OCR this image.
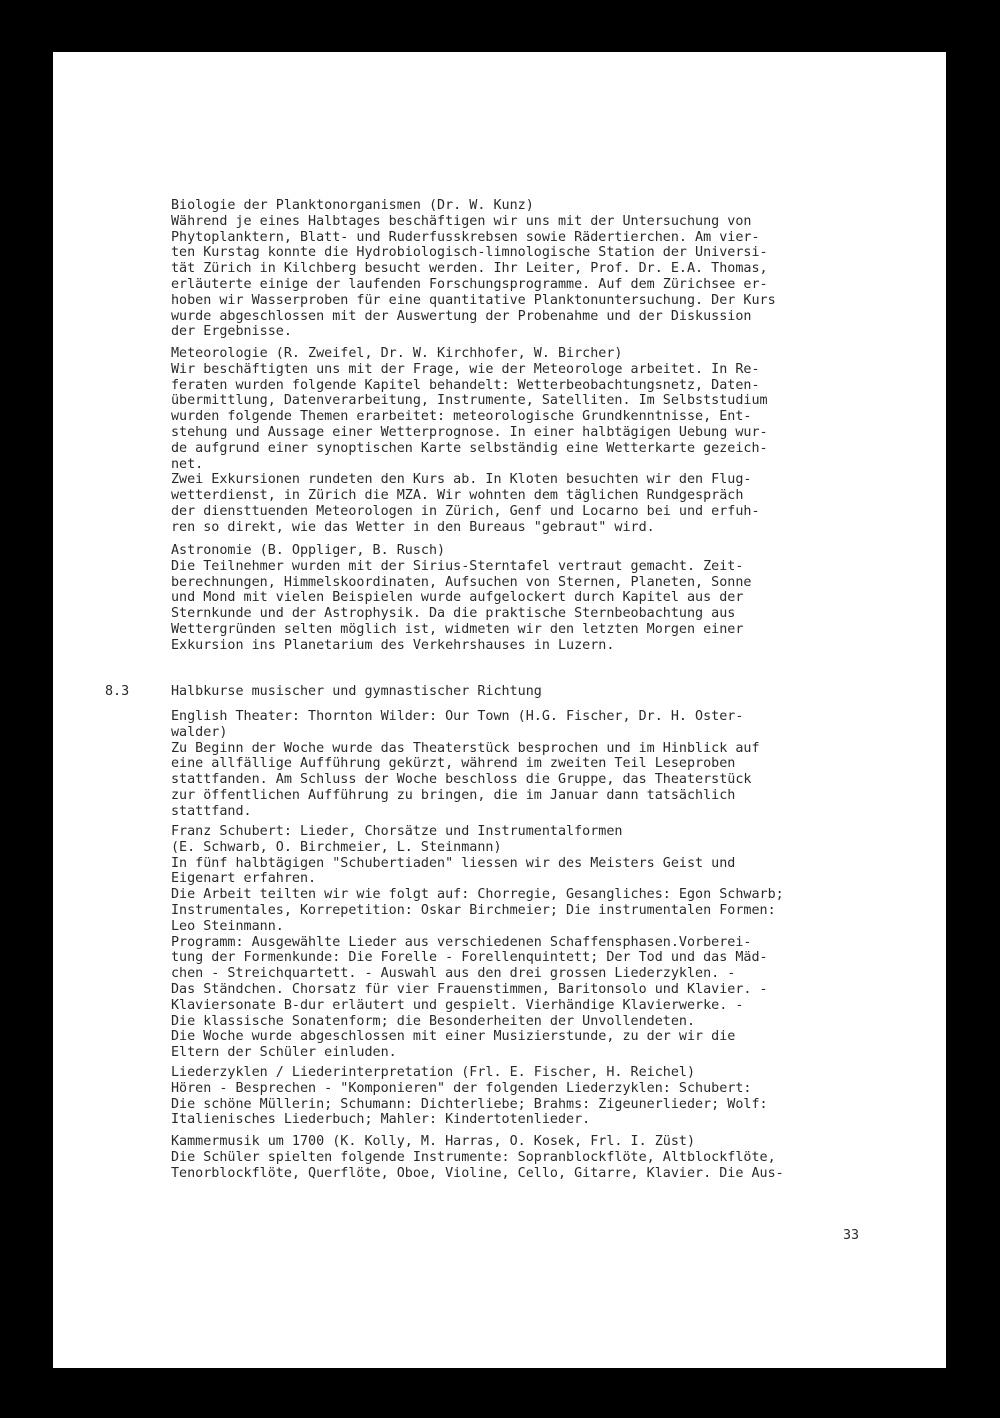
Biologie der Planktonorganismen (Dr. W. Kunz)
Während je eines Halbtages beschäftigen wir uns mit der Untersuchung von
Phytoplanktern, Blatt- und Ruderfusskrebsen sowie Rädertierchen. Am vier-
ten Kurstag konnte die Hydrobiologisch-limnologische Station der Universi-
tät Zürich in Kilchberg besucht werden. Ihr Leiter, Prof. Dr. E.A. Thomas,
erläuterte einige der laufenden Forschungsprogramme. Auf dem Zürichsee er-
hoben wir Wasserproben für eine quantitative Planktonuntersuchung. Der Kurs
wurde abgeschlossen mit der Auswertung der Probenahme und der Diskussion
der Ergebnisse.
Meteorologie (R. Zweifel, Dr. W. Kirchhofer, W. Bircher)
Wir beschäftigten uns mit der Frage, wie der Meteorologe arbeitet. In Re-
feraten wurden folgende Kapitel behandelt: Wetterbeobachtungsnetz, Daten-
übermittlung, Datenverarbeitung, Instrumente, Satelliten. Im Selbststudium
wurden folgende Themen erarbeitet: meteorologische Grundkenntnisse, Ent-
stehung und Aussage einer Wetterprognose. In einer halbtägigen Uebung wur-
de aufgrund einer synoptischen Karte selbständig eine Wetterkarte gezeich-
net.
Zwei Exkursionen rundeten den Kurs ab. In Kloten besuchten wir den Flug-
wetterdienst, in Zürich die MZA. Wir wohnten dem täglichen Rundgespräch
der diensttuenden Meteorologen in Zürich, Genf und Locarno bei und erfuh-
ren so direkt, wie das Wetter in den Bureaus "gebraut" wird.
Astronomie (B. Oppliger, B. Rusch)
Die Teilnehmer wurden mit der Sirius-Sterntafel vertraut gemacht. Zeit-
berechnungen, Himmelskoordinaten, Aufsuchen von Sternen, Planeten, Sonne
und Mond mit vielen Beispielen wurde aufgelockert durch Kapitel aus der
Sternkunde und der Astrophysik. Da die praktische Sternbeobachtung aus
Wettergründen selten möglich ist, widmeten wir den letzten Morgen einer
Exkursion ins Planetarium des Verkehrshauses in Luzern.
8.3	Halbkurse musischer und gymnastischer Richtung
English Theater: Thornton Wilder: Our Town (H.G. Fischer, Dr. H. Oster-
walder)
Zu Beginn der Woche wurde das Theaterstück besprochen und im Hinblick auf
eine allfällige Aufführung gekürzt, während im zweiten Teil Leseproben
stattfanden. Am Schluss der Woche beschloss die Gruppe, das Theaterstück
zur öffentlichen Aufführung zu bringen, die im Januar dann tatsächlich
stattfand.
Franz Schubert: Lieder, Chorsätze und Instrumentalformen
(E. Schwarb, O. Birchmeier, L. Steinmann)
In fünf halbtägigen "Schubertiaden" liessen wir des Meisters Geist und
Eigenart erfahren.
Die Arbeit teilten wir wie folgt auf: Chorregie, Gesangliches: Egon Schwarb;
Instrumentales, Korrepetition: Oskar Birchmeier; Die instrumentalen Formen:
Leo Steinmann.
Programm: Ausgewählte Lieder aus verschiedenen Schaffensphasen.Vorberei-
tung der Formenkunde: Die Forelle - Forellenquintett; Der Tod und das Mäd-
chen - Streichquartett. - Auswahl aus den drei grossen Liederzyklen. -
Das Ständchen. Chorsatz für vier Frauenstimmen, Baritonsolo und Klavier. -
Klaviersonate B-dur erläutert und gespielt. Vierhändige Klavierwerke. -
Die klassische Sonatenform; die Besonderheiten der Unvollendeten.
Die Woche wurde abgeschlossen mit einer Musizierstunde, zu der wir die
Eltern der Schüler einluden.
Liederzyklen / Liederinterpretation (Frl. E. Fischer, H. Reichel)
Hören - Besprechen - "Komponieren" der folgenden Liederzyklen: Schubert:
Die schöne Müllerin; Schumann: Dichterliebe; Brahms: Zigeunerlieder; Wolf:
Italienisches Liederbuch; Mahler: Kindertotenlieder.
Kammermusik um 1700 (K. Kolly, M. Harras, O. Kosek, Frl. I. Züst)
Die Schüler spielten folgende Instrumente: Sopranblockflöte, Altblockflöte,
Tenorblockflöte, Querflöte, Oboe, Violine, Cello, Gitarre, Klavier. Die Aus-
33
